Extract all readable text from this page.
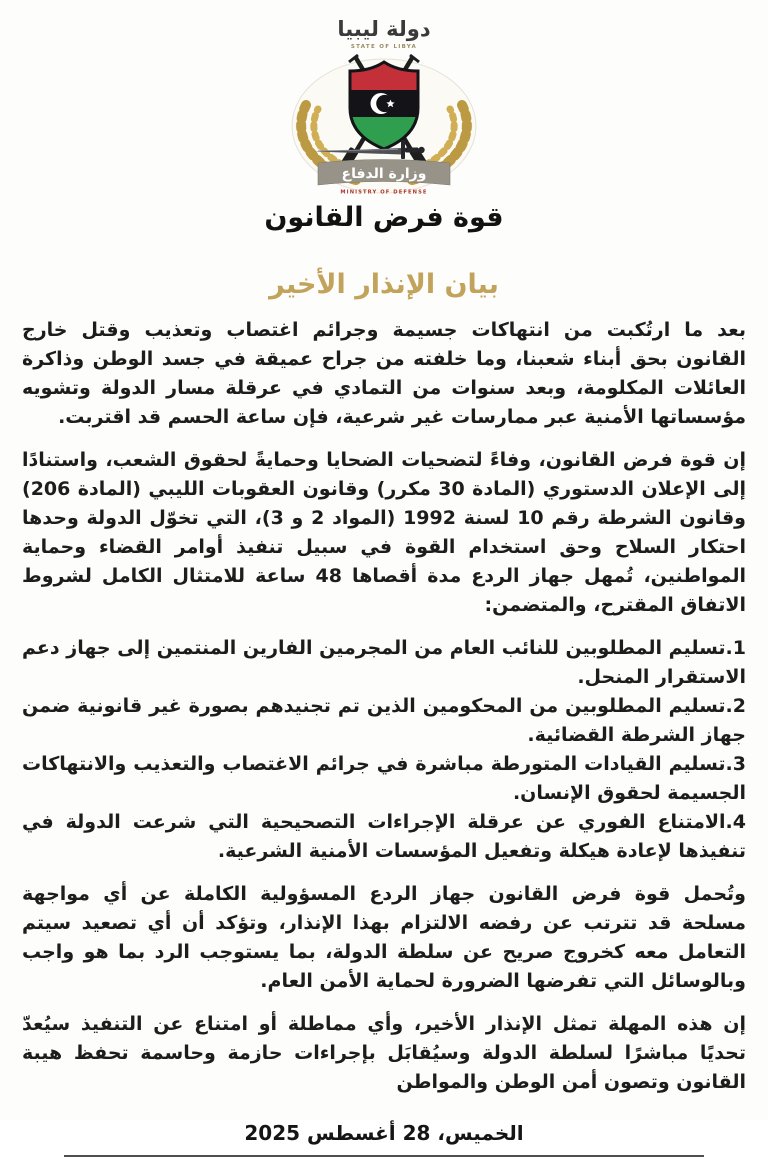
وزارة الدفاع
MINISTRY OF DEFENSE
دولة ليبيا
STATE OF LIBYA
قوة فرض القانون
بيان الإنذار الأخير

بعد ما ارتُكبت من انتهاكات جسيمة وجرائم اغتصاب وتعذيب وقتل خارج القانون بحق أبناء شعبنا، وما خلفته من جراح عميقة في جسد الوطن وذاكرة العائلات المكلومة، وبعد سنوات من التمادي في عرقلة مسار الدولة وتشويه مؤسساتها الأمنية عبر ممارسات غير شرعية، فإن ساعة الحسم قد اقتربت.

إن قوة فرض القانون، وفاءً لتضحيات الضحايا وحمايةً لحقوق الشعب، واستنادًا إلى الإعلان الدستوري (المادة 30 مكرر) وقانون العقوبات الليبي (المادة 206) وقانون الشرطة رقم 10 لسنة 1992 (المواد 2 و 3)، التي تخوّل الدولة وحدها احتكار السلاح وحق استخدام القوة في سبيل تنفيذ أوامر القضاء وحماية المواطنين، تُمهل جهاز الردع مدة أقصاها 48 ساعة للامتثال الكامل لشروط الاتفاق المقترح، والمتضمن:

1.تسليم المطلوبين للنائب العام من المجرمين الفارين المنتمين إلى جهاز دعم الاستقرار المنحل.

2.تسليم المطلوبين من المحكومين الذين تم تجنيدهم بصورة غير قانونية ضمن جهاز الشرطة القضائية.

3.تسليم القيادات المتورطة مباشرة في جرائم الاغتصاب والتعذيب والانتهاكات الجسيمة لحقوق الإنسان.

4.الامتناع الفوري عن عرقلة الإجراءات التصحيحية التي شرعت الدولة في تنفيذها لإعادة هيكلة وتفعيل المؤسسات الأمنية الشرعية.

وتُحمل قوة فرض القانون جهاز الردع المسؤولية الكاملة عن أي مواجهة مسلحة قد تترتب عن رفضه الالتزام بهذا الإنذار، وتؤكد أن أي تصعيد سيتم التعامل معه كخروج صريح عن سلطة الدولة، بما يستوجب الرد بما هو واجب وبالوسائل التي تفرضها الضرورة لحماية الأمن العام.

إن هذه المهلة تمثل الإنذار الأخير، وأي مماطلة أو امتناع عن التنفيذ سيُعدّ تحديًا مباشرًا لسلطة الدولة وسيُقابَل بإجراءات حازمة وحاسمة تحفظ هيبة القانون وتصون أمن الوطن والمواطن

الخميس، 28 أغسطس 2025
